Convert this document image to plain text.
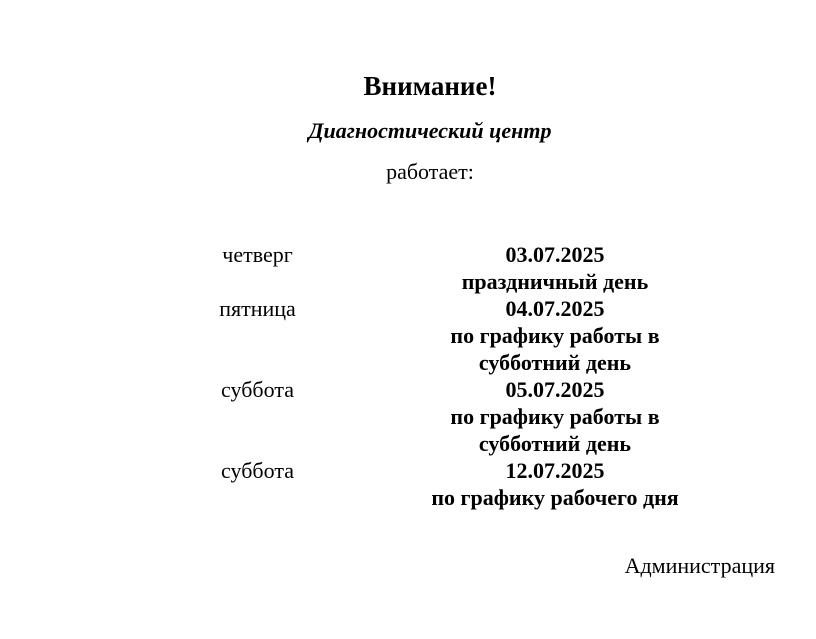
Внимание!
Диагностический центр
работает:
четверг	03.07.2025
праздничный день
пятница	04.07.2025
по графику работы в субботний день
суббота	05.07.2025
по графику работы в субботний день
суббота	12.07.2025
по графику рабочего дня
Администрация
